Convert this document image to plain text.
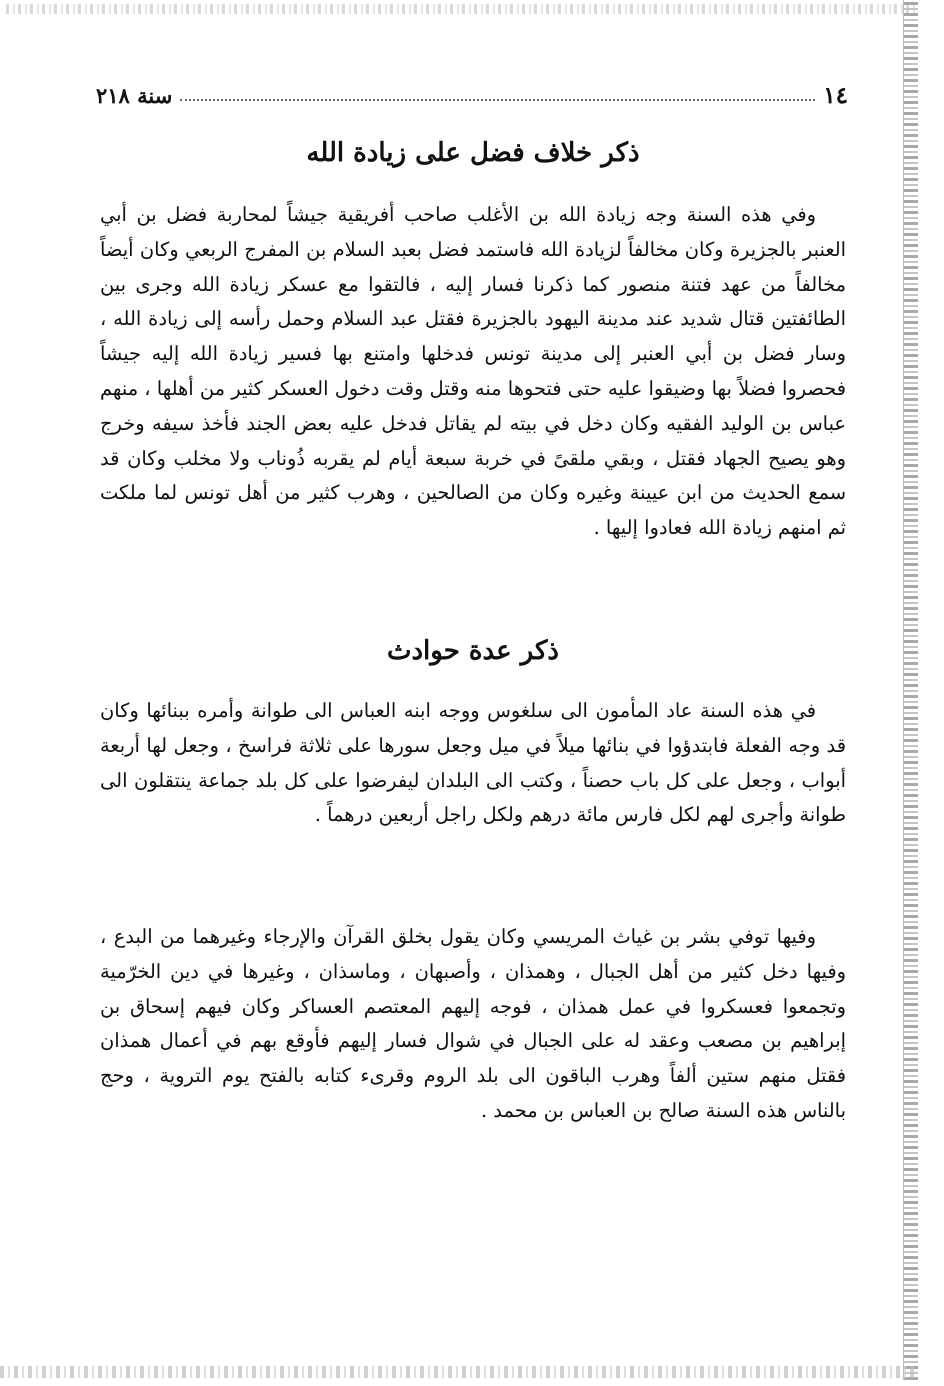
١٤
سنة ٢١٨
ذكر خلاف فضل على زيادة الله

وفي هذه السنة وجه زيادة الله بن الأغلب صاحب أفريقية جيشاً لمحاربة فضل بن أبي العنبر بالجزيرة وكان مخالفاً لزيادة الله فاستمد فضل بعبد السلام بن المفرج الربعي وكان أيضاً مخالفاً من عهد فتنة منصور كما ذكرنا فسار إليه ، فالتقوا مع عسكر زيادة الله وجرى بين الطائفتين قتال شديد عند مدينة اليهود بالجزيرة فقتل عبد السلام وحمل رأسه إلى زيادة الله ، وسار فضل بن أبي العنبر إلى مدينة تونس فدخلها وامتنع بها فسير زيادة الله إليه جيشاً فحصروا فضلاً بها وضيقوا عليه حتى فتحوها منه وقتل وقت دخول العسكر كثير من أهلها ، منهم عباس بن الوليد الفقيه وكان دخل في بيته لم يقاتل فدخل عليه بعض الجند فأخذ سيفه وخرج وهو يصيح الجهاد فقتل ، وبقي ملقىً في خربة سبعة أيام لم يقربه ذُوناب ولا مخلب وكان قد سمع الحديث من ابن عيينة وغيره وكان من الصالحين ، وهرب كثير من أهل تونس لما ملكت ثم امنهم زيادة الله فعادوا إليها .

ذكر عدة حوادث

في هذه السنة عاد المأمون الى سلغوس ووجه ابنه العباس الى طوانة وأمره ببنائها وكان قد وجه الفعلة فابتدؤوا في بنائها ميلاً في ميل وجعل سورها على ثلاثة فراسخ ، وجعل لها أربعة أبواب ، وجعل على كل باب حصناً ، وكتب الى البلدان ليفرضوا على كل بلد جماعة ينتقلون الى طوانة وأجرى لهم لكل فارس مائة درهم ولكل راجل أربعين درهماً .

وفيها توفي بشر بن غياث المريسي وكان يقول بخلق القرآن والإرجاء وغيرهما من البدع ، وفيها دخل كثير من أهل الجبال ، وهمذان ، وأصبهان ، وماسذان ، وغيرها في دين الخرّمية وتجمعوا فعسكروا في عمل همذان ، فوجه إليهم المعتصم العساكر وكان فيهم إسحاق بن إبراهيم بن مصعب وعقد له على الجبال في شوال فسار إليهم فأوقع بهم في أعمال همذان فقتل منهم ستين ألفاً وهرب الباقون الى بلد الروم وقرىء كتابه بالفتح يوم التروية ، وحج بالناس هذه السنة صالح بن العباس بن محمد .
